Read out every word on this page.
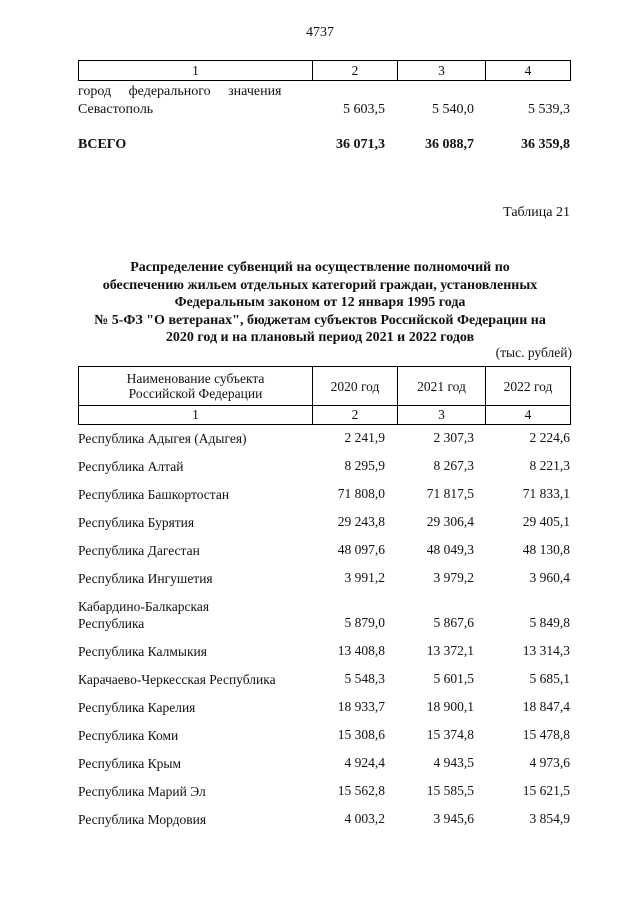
4737
1	2	3	4
город     федерального     значения
Севастополь	5 603,5	5 540,0	5 539,3
ВСЕГО	36 071,3	36 088,7	36 359,8
Таблица 21
Распределение субвенций на осуществление полномочий по
обеспечению жильем отдельных категорий граждан, установленных
Федеральным законом от 12 января 1995 года
№ 5-ФЗ "О ветеранах", бюджетам субъектов Российской Федерации на
2020 год и на плановый период 2021 и 2022 годов
(тыс. рублей)
Наименование субъекта
Российской Федерации	2020 год	2021 год	2022 год
1	2	3	4
Республика Адыгея (Адыгея)	2 241,9	2 307,3	2 224,6
Республика Алтай	8 295,9	8 267,3	8 221,3
Республика Башкортостан	71 808,0	71 817,5	71 833,1
Республика Бурятия	29 243,8	29 306,4	29 405,1
Республика Дагестан	48 097,6	48 049,3	48 130,8
Республика Ингушетия	3 991,2	3 979,2	3 960,4
Кабардино-Балкарская Республика	5 879,0	5 867,6	5 849,8
Республика Калмыкия	13 408,8	13 372,1	13 314,3
Карачаево-Черкесская Республика	5 548,3	5 601,5	5 685,1
Республика Карелия	18 933,7	18 900,1	18 847,4
Республика Коми	15 308,6	15 374,8	15 478,8
Республика Крым	4 924,4	4 943,5	4 973,6
Республика Марий Эл	15 562,8	15 585,5	15 621,5
Республика Мордовия	4 003,2	3 945,6	3 854,9
